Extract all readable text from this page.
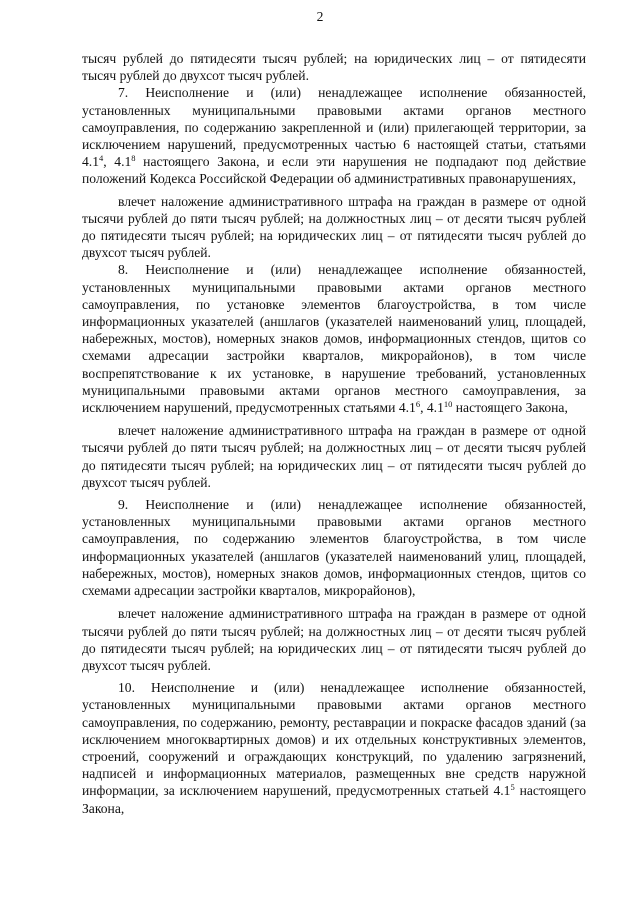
2

тысяч рублей до пятидесяти тысяч рублей; на юридических лиц – от пятидесяти тысяч рублей до двухсот тысяч рублей.

7. Неисполнение и (или) ненадлежащее исполнение обязанностей, установленных муниципальными правовыми актами органов местного самоуправления, по содержанию закрепленной и (или) прилегающей территории, за исключением нарушений, предусмотренных частью 6 настоящей статьи, статьями $4.1^4$, $4.1^8$ настоящего Закона, и если эти нарушения не подпадают под действие положений Кодекса Российской Федерации об административных правонарушениях,

влечет наложение административного штрафа на граждан в размере от одной тысячи рублей до пяти тысяч рублей; на должностных лиц – от десяти тысяч рублей до пятидесяти тысяч рублей; на юридических лиц – от пятидесяти тысяч рублей до двухсот тысяч рублей.

8. Неисполнение и (или) ненадлежащее исполнение обязанностей, установленных муниципальными правовыми актами органов местного самоуправления, по установке элементов благоустройства, в том числе информационных указателей (аншлагов (указателей наименований улиц, площадей, набережных, мостов), номерных знаков домов, информационных стендов, щитов со схемами адресации застройки кварталов, микрорайонов), в том числе воспрепятствование к их установке, в нарушение требований, установленных муниципальными правовыми актами органов местного самоуправления, за исключением нарушений, предусмотренных статьями $4.1^6$, $4.1^{10}$ настоящего Закона,

влечет наложение административного штрафа на граждан в размере от одной тысячи рублей до пяти тысяч рублей; на должностных лиц – от десяти тысяч рублей до пятидесяти тысяч рублей; на юридических лиц – от пятидесяти тысяч рублей до двухсот тысяч рублей.

9. Неисполнение и (или) ненадлежащее исполнение обязанностей, установленных муниципальными правовыми актами органов местного самоуправления, по содержанию элементов благоустройства, в том числе информационных указателей (аншлагов (указателей наименований улиц, площадей, набережных, мостов), номерных знаков домов, информационных стендов, щитов со схемами адресации застройки кварталов, микрорайонов),

влечет наложение административного штрафа на граждан в размере от одной тысячи рублей до пяти тысяч рублей; на должностных лиц – от десяти тысяч рублей до пятидесяти тысяч рублей; на юридических лиц – от пятидесяти тысяч рублей до двухсот тысяч рублей.

10. Неисполнение и (или) ненадлежащее исполнение обязанностей, установленных муниципальными правовыми актами органов местного самоуправления, по содержанию, ремонту, реставрации и покраске фасадов зданий (за исключением многоквартирных домов) и их отдельных конструктивных элементов, строений, сооружений и ограждающих конструкций, по удалению загрязнений, надписей и информационных материалов, размещенных вне средств наружной информации, за исключением нарушений, предусмотренных статьей $4.1^5$ настоящего Закона,
